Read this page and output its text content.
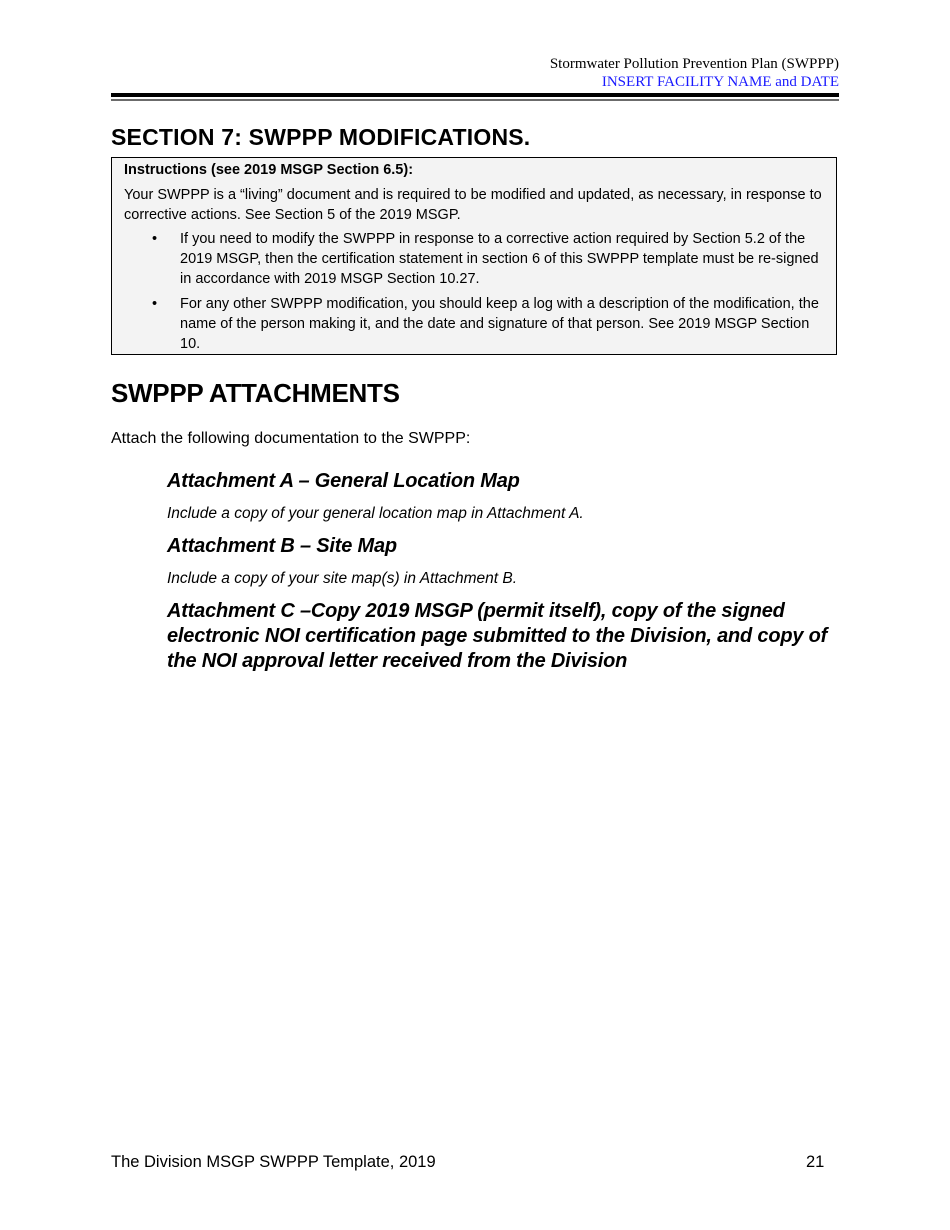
Stormwater Pollution Prevention Plan (SWPPP)
INSERT FACILITY NAME and DATE
SECTION 7: SWPPP MODIFICATIONS.
Instructions (see 2019 MSGP Section 6.5):
Your SWPPP is a “living” document and is required to be modified and updated, as necessary, in response to corrective actions. See Section 5 of the 2019 MSGP.
• If you need to modify the SWPPP in response to a corrective action required by Section 5.2 of the 2019 MSGP, then the certification statement in section 6 of this SWPPP template must be re-signed in accordance with 2019 MSGP Section 10.27.
• For any other SWPPP modification, you should keep a log with a description of the modification, the name of the person making it, and the date and signature of that person. See 2019 MSGP Section 10.
SWPPP ATTACHMENTS
Attach the following documentation to the SWPPP:
Attachment A – General Location Map
Include a copy of your general location map in Attachment A.
Attachment B – Site Map
Include a copy of your site map(s) in Attachment B.
Attachment C –Copy 2019 MSGP (permit itself), copy of the signed electronic NOI certification page submitted to the Division, and copy of the NOI approval letter received from the Division
The Division MSGP SWPPP Template, 2019	21
